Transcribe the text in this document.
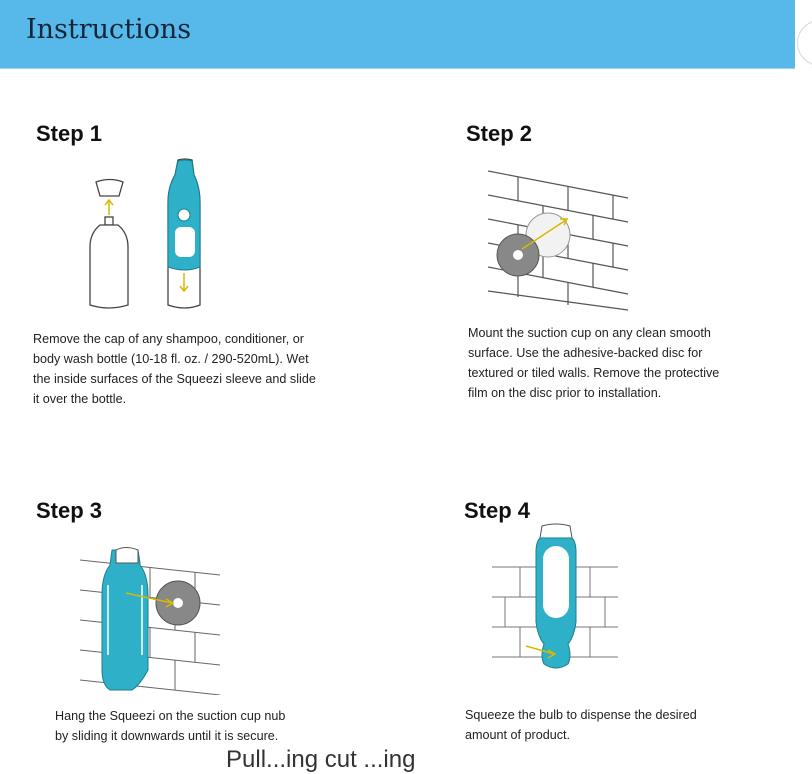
Instructions
Step 1
Remove the cap of any shampoo, conditioner, or
body wash bottle (10-18 fl. oz. / 290-520mL). Wet
the inside surfaces of the Squeezi sleeve and slide
it over the bottle.
Step 2
Mount the suction cup on any clean smooth
surface. Use the adhesive-backed disc for
textured or tiled walls. Remove the protective
film on the disc prior to installation.
Step 3
Hang the Squeezi on the suction cup nub
by sliding it downwards until it is secure.
Step 4
Squeeze the bulb to dispense the desired
amount of product.
Pull...ing cut ...ing
